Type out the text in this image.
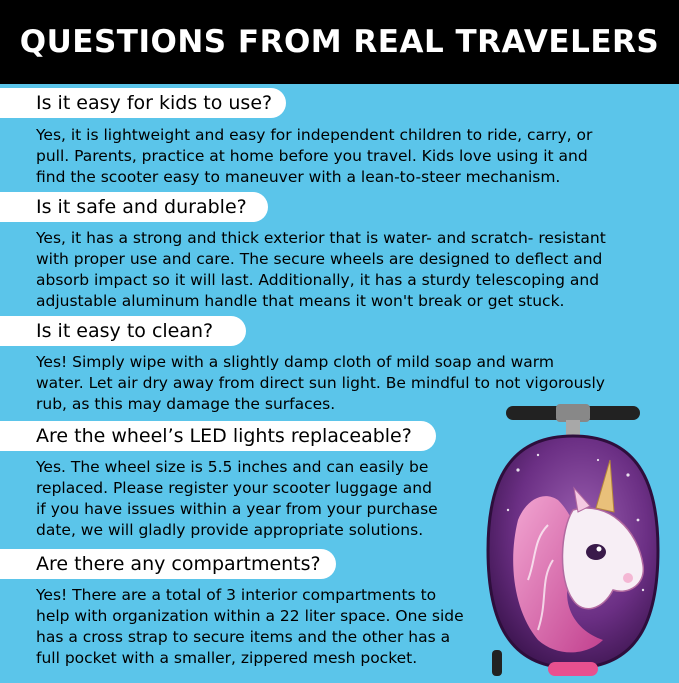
QUESTIONS FROM REAL TRAVELERS
Is it easy for kids to use?
Yes, it is lightweight and easy for independent children to ride, carry, or
pull. Parents, practice at home before you travel. Kids love using it and
find the scooter easy to maneuver with a lean-to-steer mechanism.
Is it safe and durable?
Yes, it has a strong and thick exterior that is water- and scratch- resistant
with proper use and care. The secure wheels are designed to deflect and
absorb impact so it will last. Additionally, it has a sturdy telescoping and
adjustable aluminum handle that means it won't break or get stuck.
Is it easy to clean?
Yes! Simply wipe with a slightly damp cloth of mild soap and warm
water. Let air dry away from direct sun light. Be mindful to not vigorously
rub, as this may damage the surfaces.
Are the wheel’s LED lights replaceable?
Yes. The wheel size is 5.5 inches and can easily be
replaced. Please register your scooter luggage and
if you have issues within a year from your purchase
date, we will gladly provide appropriate solutions.
Are there any compartments?
Yes! There are a total of 3 interior compartments to
help with organization within a 22 liter space. One side
has a cross strap to secure items and the other has a
full pocket with a smaller, zippered mesh pocket.
